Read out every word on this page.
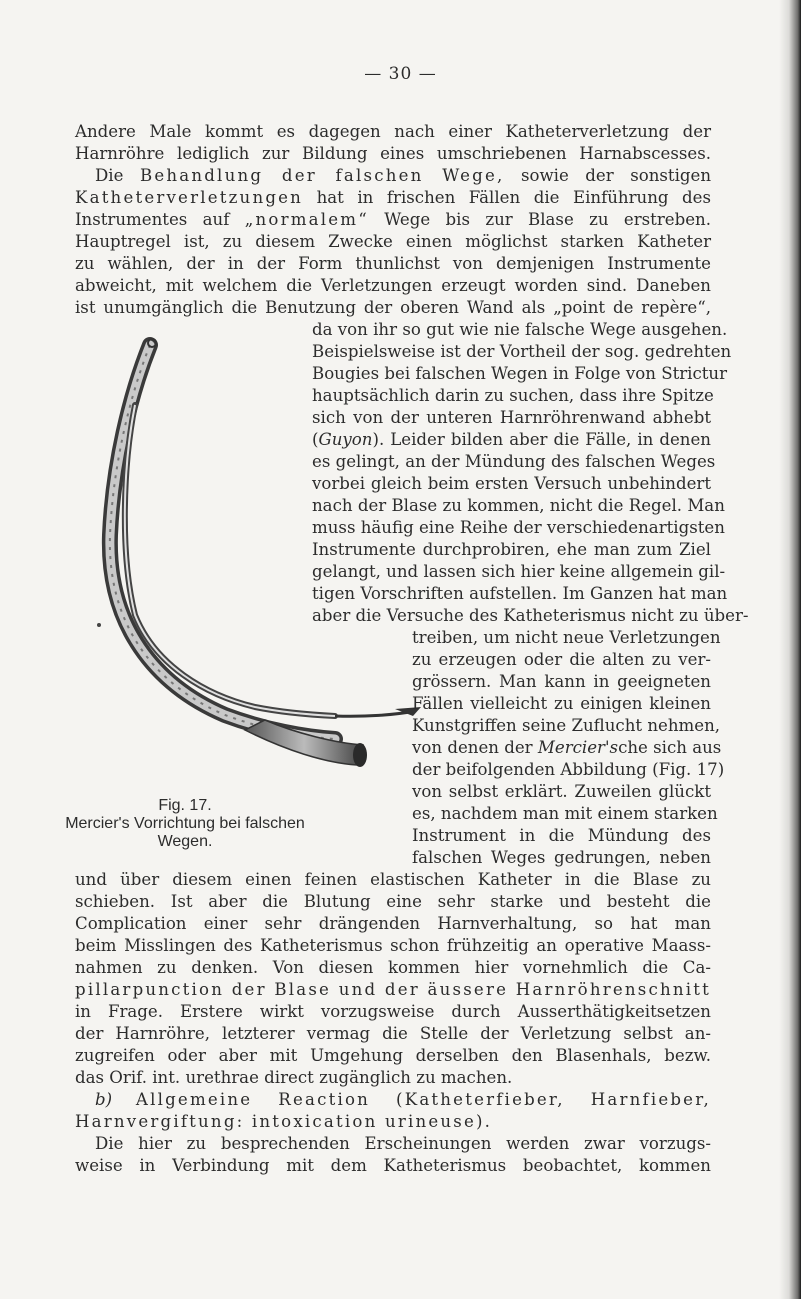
— 30 —
Andere Male kommt es dagegen nach einer Katheterverletzung der
Harnröhre lediglich zur Bildung eines umschriebenen Harnabscesses.
Die Behandlung der falschen Wege, sowie der sonstigen
Katheterverletzungen hat in frischen Fällen die Einführung des
Instrumentes auf „normalem“ Wege bis zur Blase zu erstreben.
Hauptregel ist, zu diesem Zwecke einen möglichst starken Katheter
zu wählen, der in der Form thunlichst von demjenigen Instrumente
abweicht, mit welchem die Verletzungen erzeugt worden sind. Daneben
ist unumgänglich die Benutzung der oberen Wand als „point de repère“,
da von ihr so gut wie nie falsche Wege ausgehen.
Beispielsweise ist der Vortheil der sog. gedrehten
Bougies bei falschen Wegen in Folge von Strictur
hauptsächlich darin zu suchen, dass ihre Spitze
sich von der unteren Harnröhrenwand abhebt
(Guyon). Leider bilden aber die Fälle, in denen
es gelingt, an der Mündung des falschen Weges
vorbei gleich beim ersten Versuch unbehindert
nach der Blase zu kommen, nicht die Regel. Man
muss häufig eine Reihe der verschiedenartigsten
Instrumente durchprobiren, ehe man zum Ziel
gelangt, und lassen sich hier keine allgemein gil-
tigen Vorschriften aufstellen. Im Ganzen hat man
aber die Versuche des Katheterismus nicht zu über-
treiben, um nicht neue Verletzungen
zu erzeugen oder die alten zu ver-
grössern. Man kann in geeigneten
Fällen vielleicht zu einigen kleinen
Kunstgriffen seine Zuflucht nehmen,
von denen der Mercier'sche sich aus
der beifolgenden Abbildung (Fig. 17)
von selbst erklärt. Zuweilen glückt
es, nachdem man mit einem starken
Instrument in die Mündung des
falschen Weges gedrungen, neben
Fig. 17.
Mercier's Vorrichtung bei falschen
Wegen.
und über diesem einen feinen elastischen Katheter in die Blase zu
schieben. Ist aber die Blutung eine sehr starke und besteht die
Complication einer sehr drängenden Harnverhaltung, so hat man
beim Misslingen des Katheterismus schon frühzeitig an operative Maass-
nahmen zu denken. Von diesen kommen hier vornehmlich die Ca-
pillarpunction der Blase und der äussere Harnröhrenschnitt
in Frage. Erstere wirkt vorzugsweise durch Ausserthätigkeitsetzen
der Harnröhre, letzterer vermag die Stelle der Verletzung selbst an-
zugreifen oder aber mit Umgehung derselben den Blasenhals, bezw.
das Orif. int. urethrae direct zugänglich zu machen.
b) Allgemeine Reaction (Katheterfieber, Harnfieber,
Harnvergiftung: intoxication urineuse).
Die hier zu besprechenden Erscheinungen werden zwar vorzugs-
weise in Verbindung mit dem Katheterismus beobachtet, kommen
